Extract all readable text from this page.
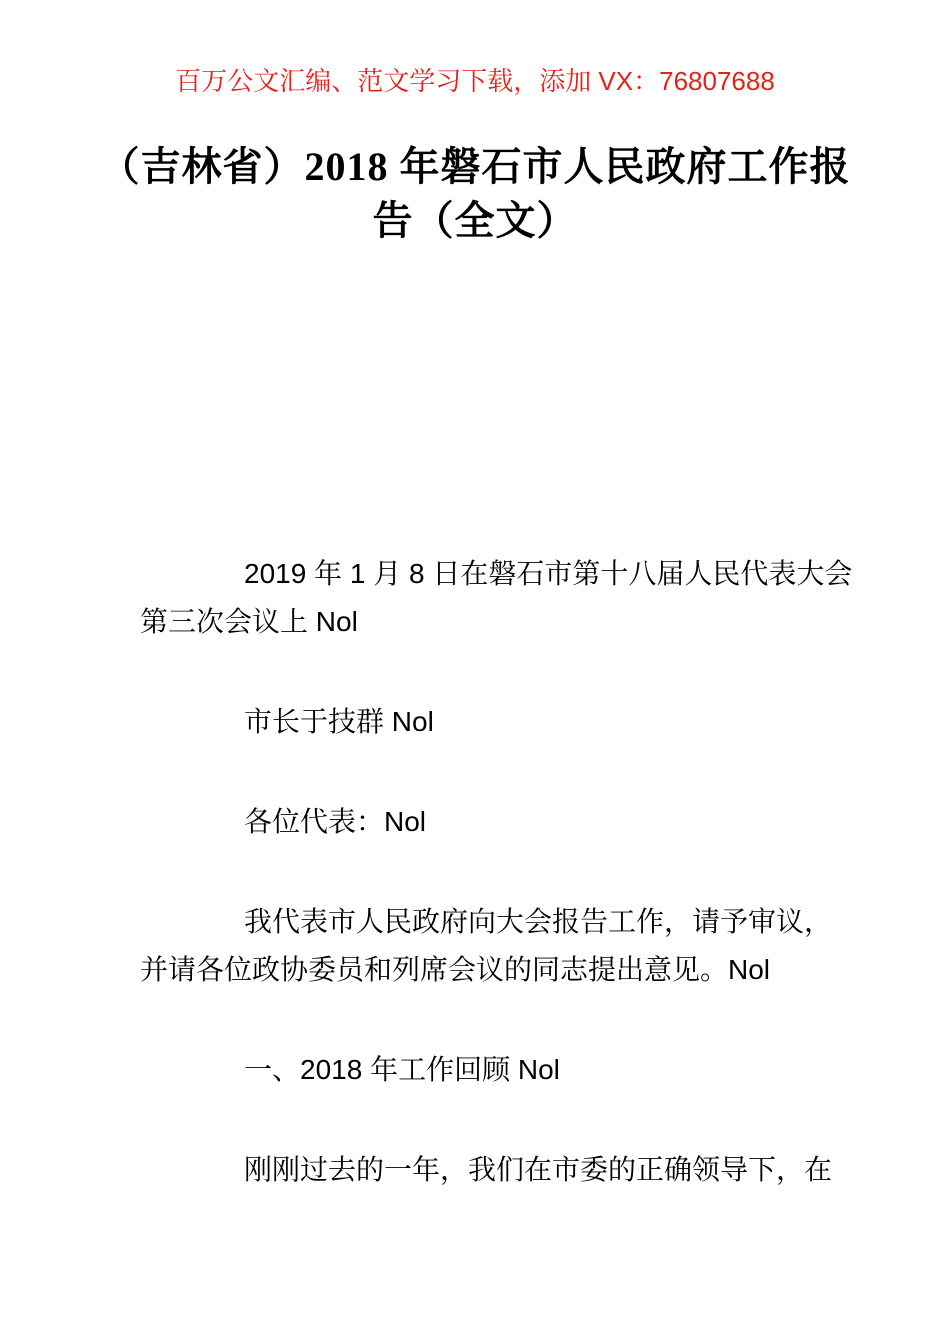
百万公文汇编、范文学习下载，添加 VX：76807688
（吉林省）2018 年磐石市人民政府工作报
告（全文）

2019 年 1 月 8 日在磐石市第十八届人民代表大会
第三次会议上 Nol

市长于技群 Nol

各位代表：Nol

我代表市人民政府向大会报告工作，请予审议，
并请各位政协委员和列席会议的同志提出意见。Nol

一、2018 年工作回顾 Nol

刚刚过去的一年，我们在市委的正确领导下，在
